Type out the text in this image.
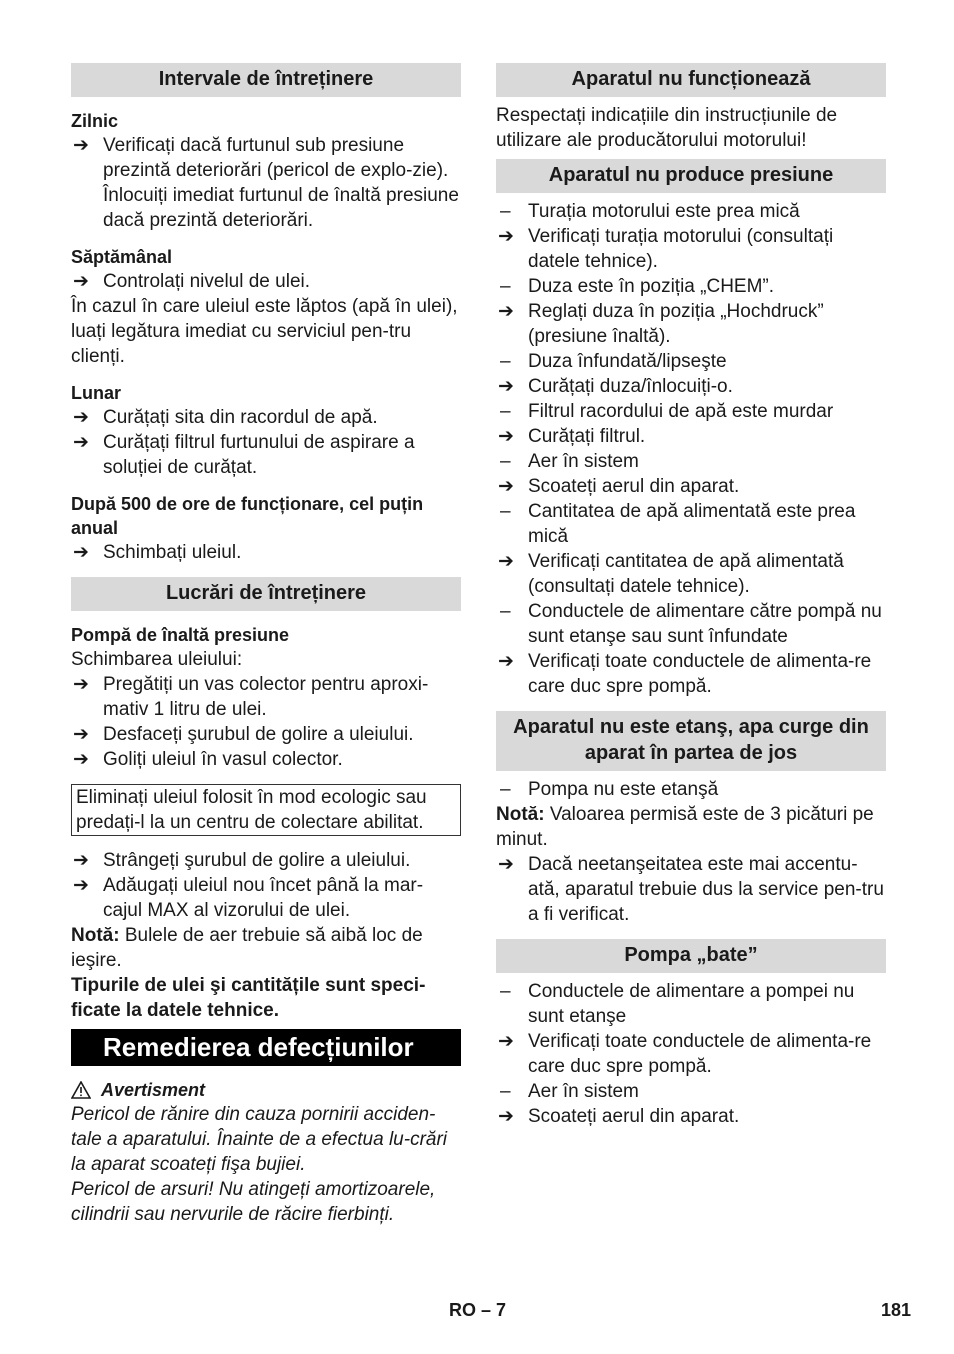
Intervale de întreținere
Zilnic
➔ Verificați dacă furtunul sub presiune prezintă deteriorări (pericol de explo-zie). Înlocuiți imediat furtunul de înaltă presiune dacă prezintă deteriorări.
Săptămânal
➔ Controlați nivelul de ulei.
În cazul în care uleiul este lăptos (apă în ulei), luați legătura imediat cu serviciul pen-tru clienți.
Lunar
➔ Curățați sita din racordul de apă.
➔ Curățați filtrul furtunului de aspirare a soluției de curățat.
După 500 de ore de funcționare, cel puțin anual
➔ Schimbați uleiul.
Lucrări de întreținere
Pompă de înaltă presiune
Schimbarea uleiului:
➔ Pregătiți un vas colector pentru aproxi-mativ 1 litru de ulei.
➔ Desfaceți şurubul de golire a uleiului.
➔ Goliți uleiul în vasul colector.
Eliminați uleiul folosit în mod ecologic sau predați-l la un centru de colectare abilitat.
➔ Strângeți şurubul de golire a uleiului.
➔ Adăugați uleiul nou încet până la mar-cajul MAX al vizorului de ulei.
Notă: Bulele de aer trebuie să aibă loc de ieşire.
Tipurile de ulei şi cantitățile sunt speci-ficate la datele tehnice.
Remedierea defecțiunilor
Avertisment
Pericol de rănire din cauza pornirii acciden-tale a aparatului. Înainte de a efectua lu-crări la aparat scoateți fişa bujiei.
Pericol de arsuri! Nu atingeți amortizoarele, cilindrii sau nervurile de răcire fierbinți.
Aparatul nu funcționează
Respectați indicațiile din instrucțiunile de utilizare ale producătorului motorului!
Aparatul nu produce presiune
– Turația motorului este prea mică
➔ Verificați turația motorului (consultați datele tehnice).
– Duza este în poziția „CHEM”.
➔ Reglați duza în poziția „Hochdruck” (presiune înaltă).
– Duza înfundată/lipseşte
➔ Curățați duza/înlocuiți-o.
– Filtrul racordului de apă este murdar
➔ Curățați filtrul.
– Aer în sistem
➔ Scoateți aerul din aparat.
– Cantitatea de apă alimentată este prea mică
➔ Verificați cantitatea de apă alimentată (consultați datele tehnice).
– Conductele de alimentare către pompă nu sunt etanşe sau sunt înfundate
➔ Verificați toate conductele de alimenta-re care duc spre pompă.
Aparatul nu este etanş, apa curge din aparat în partea de jos
– Pompa nu este etanşă
Notă: Valoarea permisă este de 3 picături pe minut.
➔ Dacă neetanşeitatea este mai accentu-ată, aparatul trebuie dus la service pen-tru a fi verificat.
Pompa „bate”
– Conductele de alimentare a pompei nu sunt etanşe
➔ Verificați toate conductele de alimenta-re care duc spre pompă.
– Aer în sistem
➔ Scoateți aerul din aparat.
RO – 7	181
